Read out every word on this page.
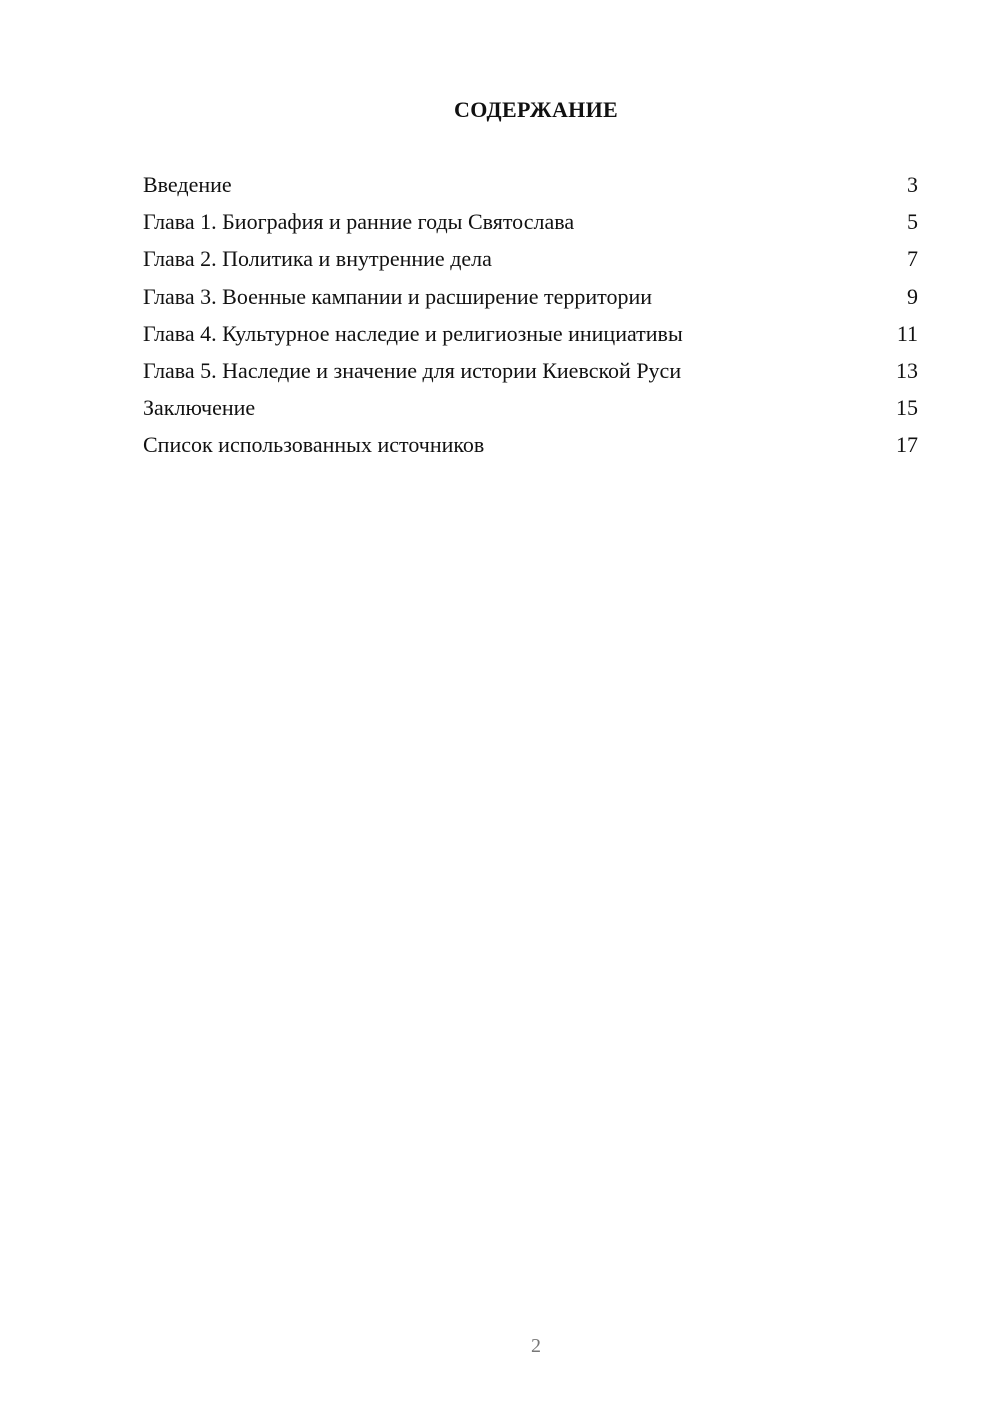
СОДЕРЖАНИЕ
Введение	3
Глава 1. Биография и ранние годы Святослава	5
Глава 2. Политика и внутренние дела	7
Глава 3. Военные кампании и расширение территории	9
Глава 4. Культурное наследие и религиозные инициативы	11
Глава 5. Наследие и значение для истории Киевской Руси	13
Заключение	15
Список использованных источников	17
2
